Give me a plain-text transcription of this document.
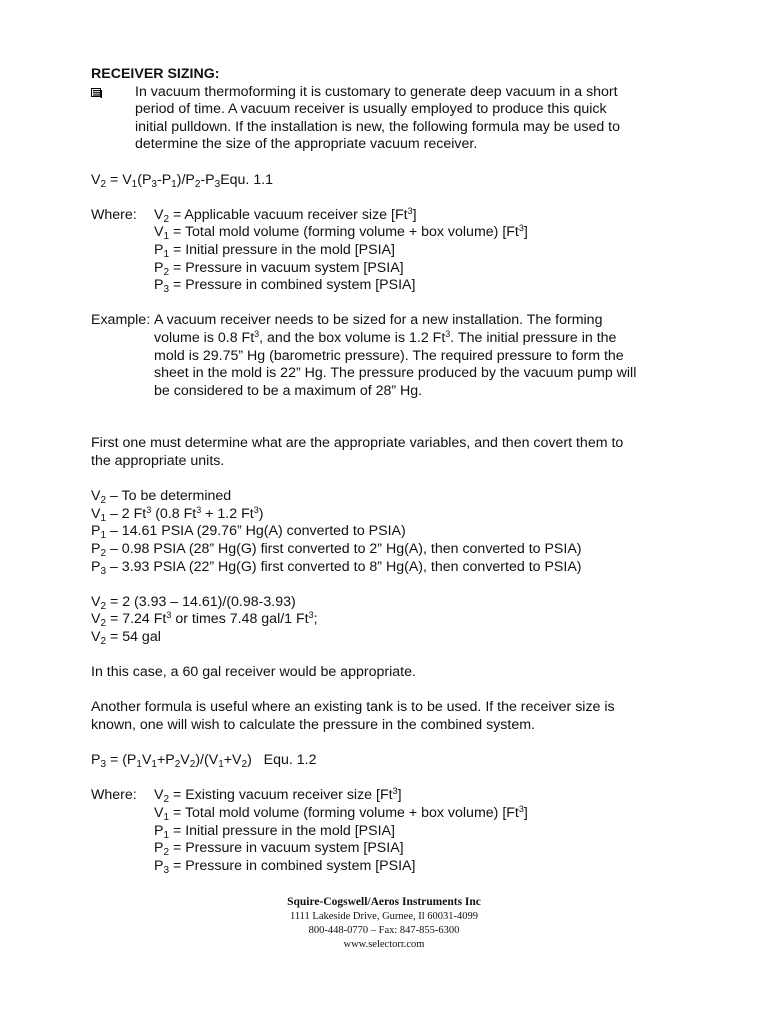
RECEIVER SIZING:
In vacuum thermoforming it is customary to generate deep vacuum in a short
period of time. A vacuum receiver is usually employed to produce this quick
initial pulldown. If the installation is new, the following formula may be used to
determine the size of the appropriate vacuum receiver.
$V_2 = V_1(P_3-P_1)/P_2-P_3Equ$. 1.1
Where: $V_2$ = Applicable vacuum receiver size [Ft$^3$]
$V_1$ = Total mold volume (forming volume + box volume) [Ft$^3$]
$P_1$ = Initial pressure in the mold [PSIA]
$P_2$ = Pressure in vacuum system [PSIA]
$P_3$ = Pressure in combined system [PSIA]
Example: A vacuum receiver needs to be sized for a new installation. The forming
volume is 0.8 Ft$^3$, and the box volume is 1.2 Ft$^3$. The initial pressure in the
mold is 29.75” Hg (barometric pressure). The required pressure to form the
sheet in the mold is 22” Hg. The pressure produced by the vacuum pump will
be considered to be a maximum of 28” Hg.
First one must determine what are the appropriate variables, and then covert them to
the appropriate units.
$V_2$ – To be determined
$V_1 - 2$ Ft$^3$ (0.8 $Ft^3 + 1.2$ Ft$^3$)
$P_1 - 14.61$ PSIA (29.76” Hg(A) converted to PSIA)
$P_2 - 0.98$ PSIA (28” Hg(G) first converted to 2” Hg(A), then converted to PSIA)
$P_3 - 3.93$ PSIA (22” Hg(G) first converted to 8” Hg(A), then converted to PSIA)
$V_2 = 2$ (3.93 – 14.61)/(0.98-3.93)
$V_2 = 7.24$ Ft$^3$ or times 7.48 gal/1 Ft$^3$;
$V_2 = 54$ gal
In this case, a 60 gal receiver would be appropriate.
Another formula is useful where an existing tank is to be used. If the receiver size is
known, one will wish to calculate the pressure in the combined system.
$P_3 = (P_1V_1+P_2V_2)/(V_1+V_2)$   Equ. 1.2
Where: $V_2$ = Existing vacuum receiver size [Ft$^3$]
$V_1$ = Total mold volume (forming volume + box volume) [Ft$^3$]
$P_1$ = Initial pressure in the mold [PSIA]
$P_2$ = Pressure in vacuum system [PSIA]
$P_3$ = Pressure in combined system [PSIA]
Squire-Cogswell/Aeros Instruments Inc
1111 Lakeside Drive, Gurnee, Il 60031-4099
800-448-0770 – Fax: 847-855-6300
www.selectorr.com
